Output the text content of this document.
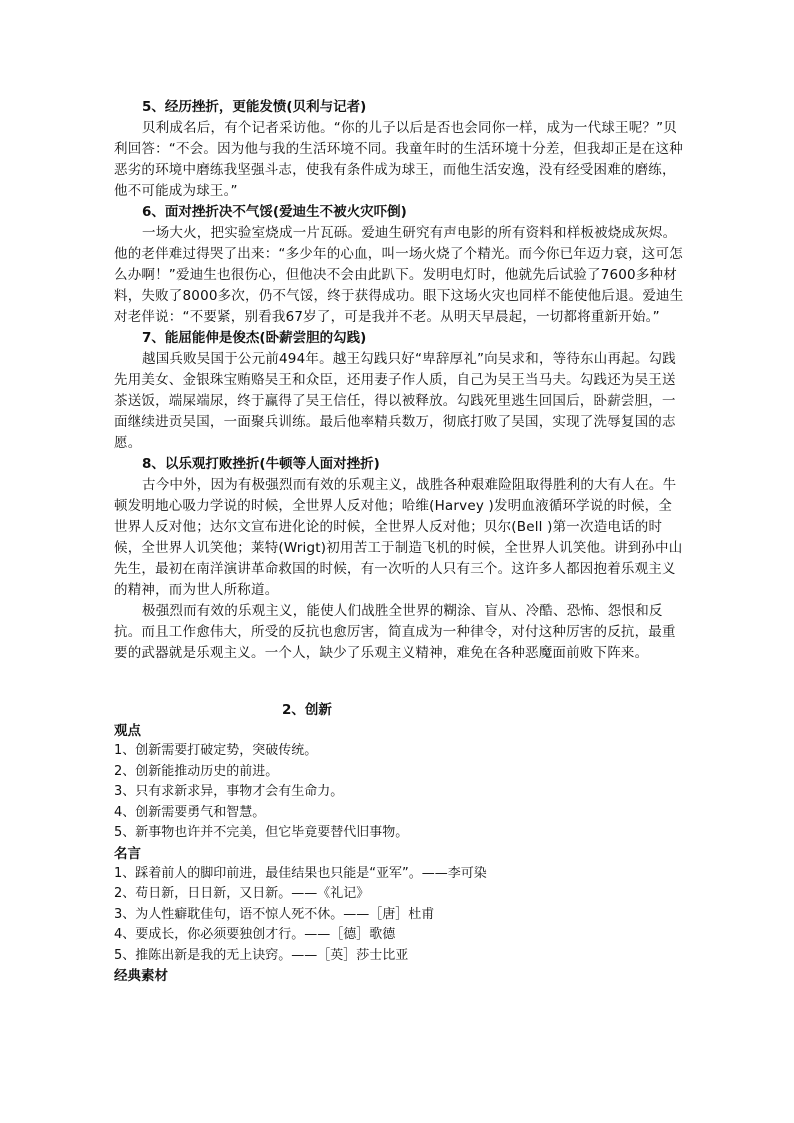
5、经历挫折，更能发愤(贝利与记者)

贝利成名后，有个记者采访他。“你的儿子以后是否也会同你一样，成为一代球王呢？”贝利回答：“不会。因为他与我的生活环境不同。我童年时的生活环境十分差，但我却正是在这种恶劣的环境中磨练我坚强斗志，使我有条件成为球王，而他生活安逸，没有经受困难的磨练，他不可能成为球王。”

6、面对挫折决不气馁(爱迪生不被火灾吓倒)

一场大火，把实验室烧成一片瓦砾。爱迪生研究有声电影的所有资料和样板被烧成灰烬。他的老伴难过得哭了出来：“多少年的心血，叫一场火烧了个精光。而今你已年迈力衰，这可怎么办啊！”爱迪生也很伤心，但他决不会由此趴下。发明电灯时，他就先后试验了7600多种材料，失败了8000多次，仍不气馁，终于获得成功。眼下这场火灾也同样不能使他后退。爱迪生对老伴说：“不要紧，别看我67岁了，可是我并不老。从明天早晨起，一切都将重新开始。”

7、能屈能伸是俊杰(卧薪尝胆的勾践)

越国兵败吴国于公元前494年。越王勾践只好“卑辞厚礼”向吴求和，等待东山再起。勾践先用美女、金银珠宝贿赂吴王和众臣，还用妻子作人质，自己为吴王当马夫。勾践还为吴王送茶送饭，端屎端尿，终于赢得了吴王信任，得以被释放。勾践死里逃生回国后，卧薪尝胆，一面继续进贡吴国，一面聚兵训练。最后他率精兵数万，彻底打败了吴国，实现了洗辱复国的志愿。

8、以乐观打败挫折(牛顿等人面对挫折)

古今中外，因为有极强烈而有效的乐观主义，战胜各种艰难险阻取得胜利的大有人在。牛顿发明地心吸力学说的时候，全世界人反对他；哈维(Harvey )发明血液循环学说的时候，全世界人反对他；达尔文宣布进化论的时候，全世界人反对他；贝尔(Bell )第一次造电话的时候，全世界人讥笑他；莱特(Wrigt)初用苦工于制造飞机的时候，全世界人讥笑他。讲到孙中山先生，最初在南洋演讲革命救国的时候，有一次听的人只有三个。这许多人都因抱着乐观主义的精神，而为世人所称道。

极强烈而有效的乐观主义，能使人们战胜全世界的糊涂、盲从、冷酷、恐怖、怨恨和反抗。而且工作愈伟大，所受的反抗也愈厉害，简直成为一种律令，对付这种厉害的反抗，最重要的武器就是乐观主义。一个人，缺少了乐观主义精神，难免在各种恶魔面前败下阵来。

2、创新

观点

1、创新需要打破定势，突破传统。

2、创新能推动历史的前进。

3、只有求新求异，事物才会有生命力。

4、创新需要勇气和智慧。

5、新事物也许并不完美，但它毕竟要替代旧事物。

名言

1、踩着前人的脚印前进，最佳结果也只能是“亚军”。——李可染

2、苟日新，日日新，又日新。——《礼记》

3、为人性癖耽佳句，语不惊人死不休。——［唐］杜甫

4、要成长，你必须要独创才行。——［德］歌德

5、推陈出新是我的无上诀窍。——［英］莎士比亚

经典素材
